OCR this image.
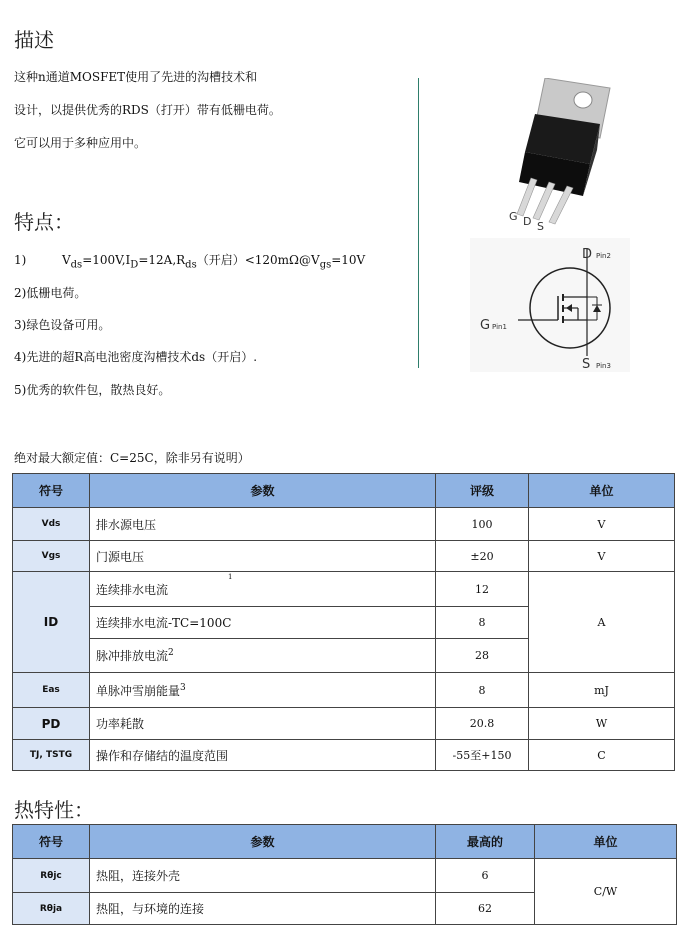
描述
这种n通道MOSFET使用了先进的沟槽技术和
设计，以提供优秀的RDS（打开）带有低栅电荷。
它可以用于多种应用中。
特点：
1)	$V_{ds}=100V,I_D=12A,R_{ds}$（开启）$<120m\Omega@V_{gs}=10V$
2)低栅电荷。
3)绿色设备可用。
4)先进的超R高电池密度沟槽技术ds（开启）.
5)优秀的软件包，散热良好。
G D S
D Pin2
G Pin1
S Pin3
绝对最大额定值：C=25C，除非另有说明）
符号	参数	评级	单位
Vds	排水源电压	100	V
Vgs	门源电压	±20	V
ID	连续排水电流$^1$	12	A
	连续排水电流-TC=100C	8	
	脉冲排放电流$^2$	28	
Eas	单脉冲雪崩能量$^3$	8	mJ
PD	功率耗散	20.8	W
TJ, TSTG	操作和存储结的温度范围	-55至+150	C
热特性：
符号	参数	最高的	单位
Rθjc	热阻，连接外壳	6	C/W
Rθja	热阻，与环境的连接	62	
